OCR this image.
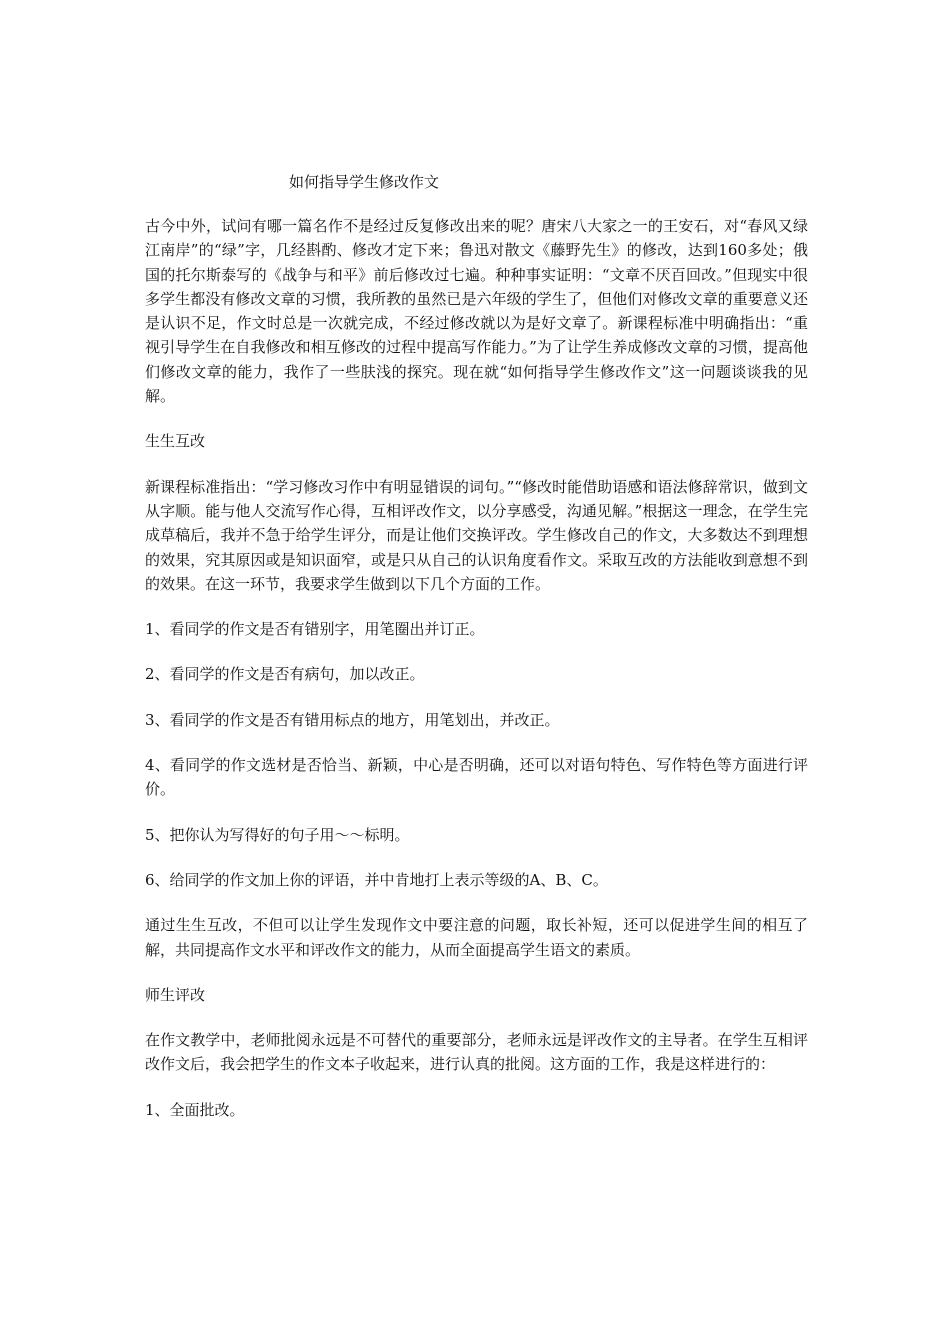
如何指导学生修改作文

古今中外，试问有哪一篇名作不是经过反复修改出来的呢？唐宋八大家之一的王安石，对“春风又绿江南岸”的“绿”字，几经斟酌、修改才定下来；鲁迅对散文《藤野先生》的修改，达到160多处；俄国的托尔斯泰写的《战争与和平》前后修改过七遍。种种事实证明：“文章不厌百回改。”但现实中很多学生都没有修改文章的习惯，我所教的虽然已是六年级的学生了，但他们对修改文章的重要意义还是认识不足，作文时总是一次就完成，不经过修改就以为是好文章了。新课程标准中明确指出：“重视引导学生在自我修改和相互修改的过程中提高写作能力。”为了让学生养成修改文章的习惯，提高他们修改文章的能力，我作了一些肤浅的探究。现在就“如何指导学生修改作文”这一问题谈谈我的见解。

生生互改

新课程标准指出：“学习修改习作中有明显错误的词句。”“修改时能借助语感和语法修辞常识，做到文从字顺。能与他人交流写作心得，互相评改作文，以分享感受，沟通见解。”根据这一理念，在学生完成草稿后，我并不急于给学生评分，而是让他们交换评改。学生修改自己的作文，大多数达不到理想的效果，究其原因或是知识面窄，或是只从自己的认识角度看作文。采取互改的方法能收到意想不到的效果。在这一环节，我要求学生做到以下几个方面的工作。

1、看同学的作文是否有错别字，用笔圈出并订正。

2、看同学的作文是否有病句，加以改正。

3、看同学的作文是否有错用标点的地方，用笔划出，并改正。

4、看同学的作文选材是否恰当、新颖，中心是否明确，还可以对语句特色、写作特色等方面进行评价。

5、把你认为写得好的句子用～～标明。

6、给同学的作文加上你的评语，并中肯地打上表示等级的A、B、C。

通过生生互改，不但可以让学生发现作文中要注意的问题，取长补短，还可以促进学生间的相互了解，共同提高作文水平和评改作文的能力，从而全面提高学生语文的素质。

师生评改

在作文教学中，老师批阅永远是不可替代的重要部分，老师永远是评改作文的主导者。在学生互相评改作文后，我会把学生的作文本子收起来，进行认真的批阅。这方面的工作，我是这样进行的：

1、全面批改。
